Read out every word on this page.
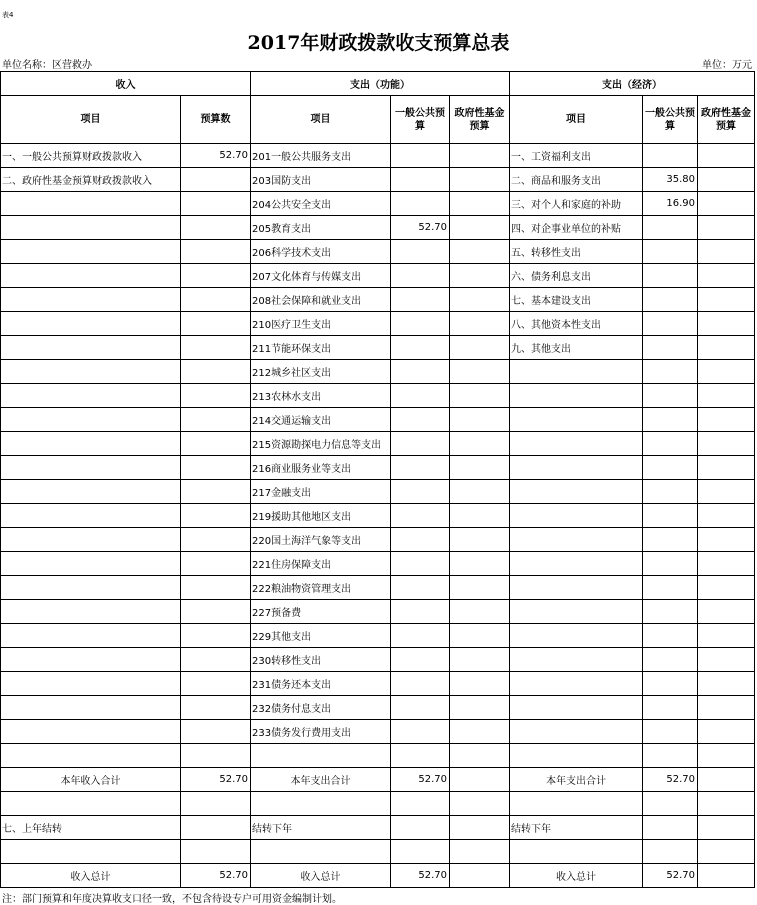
表4
2017年财政拨款收支预算总表
单位名称：区营救办	单位：万元
收入		支出（功能）			支出（经济）		
项目	预算数	项目	一般公共预算	政府性基金预算	项目	一般公共预算	政府性基金预算
一、一般公共预算财政拨款收入	52.70	201一般公共服务支出			一、工资福利支出		
二、政府性基金预算财政拨款收入		203国防支出			二、商品和服务支出	35.80	
		204公共安全支出			三、对个人和家庭的补助	16.90	
		205教育支出	52.70		四、对企事业单位的补贴		
		206科学技术支出			五、转移性支出		
		207文化体育与传媒支出			六、债务利息支出		
		208社会保障和就业支出			七、基本建设支出		
		210医疗卫生支出			八、其他资本性支出		
		211节能环保支出			九、其他支出		
		212城乡社区支出					
		213农林水支出					
		214交通运输支出					
		215资源勘探电力信息等支出					
		216商业服务业等支出					
		217金融支出					
		219援助其他地区支出					
		220国土海洋气象等支出					
		221住房保障支出					
		222粮油物资管理支出					
		227预备费					
		229其他支出					
		230转移性支出					
		231债务还本支出					
		232债务付息支出					
		233债务发行费用支出					

本年收入合计	52.70	本年支出合计	52.70		本年支出合计	52.70	

七、上年结转		结转下年			结转下年		

收入总计	52.70	收入总计	52.70		收入总计	52.70	
注：部门预算和年度决算收支口径一致，不包含待设专户可用资金编制计划。
